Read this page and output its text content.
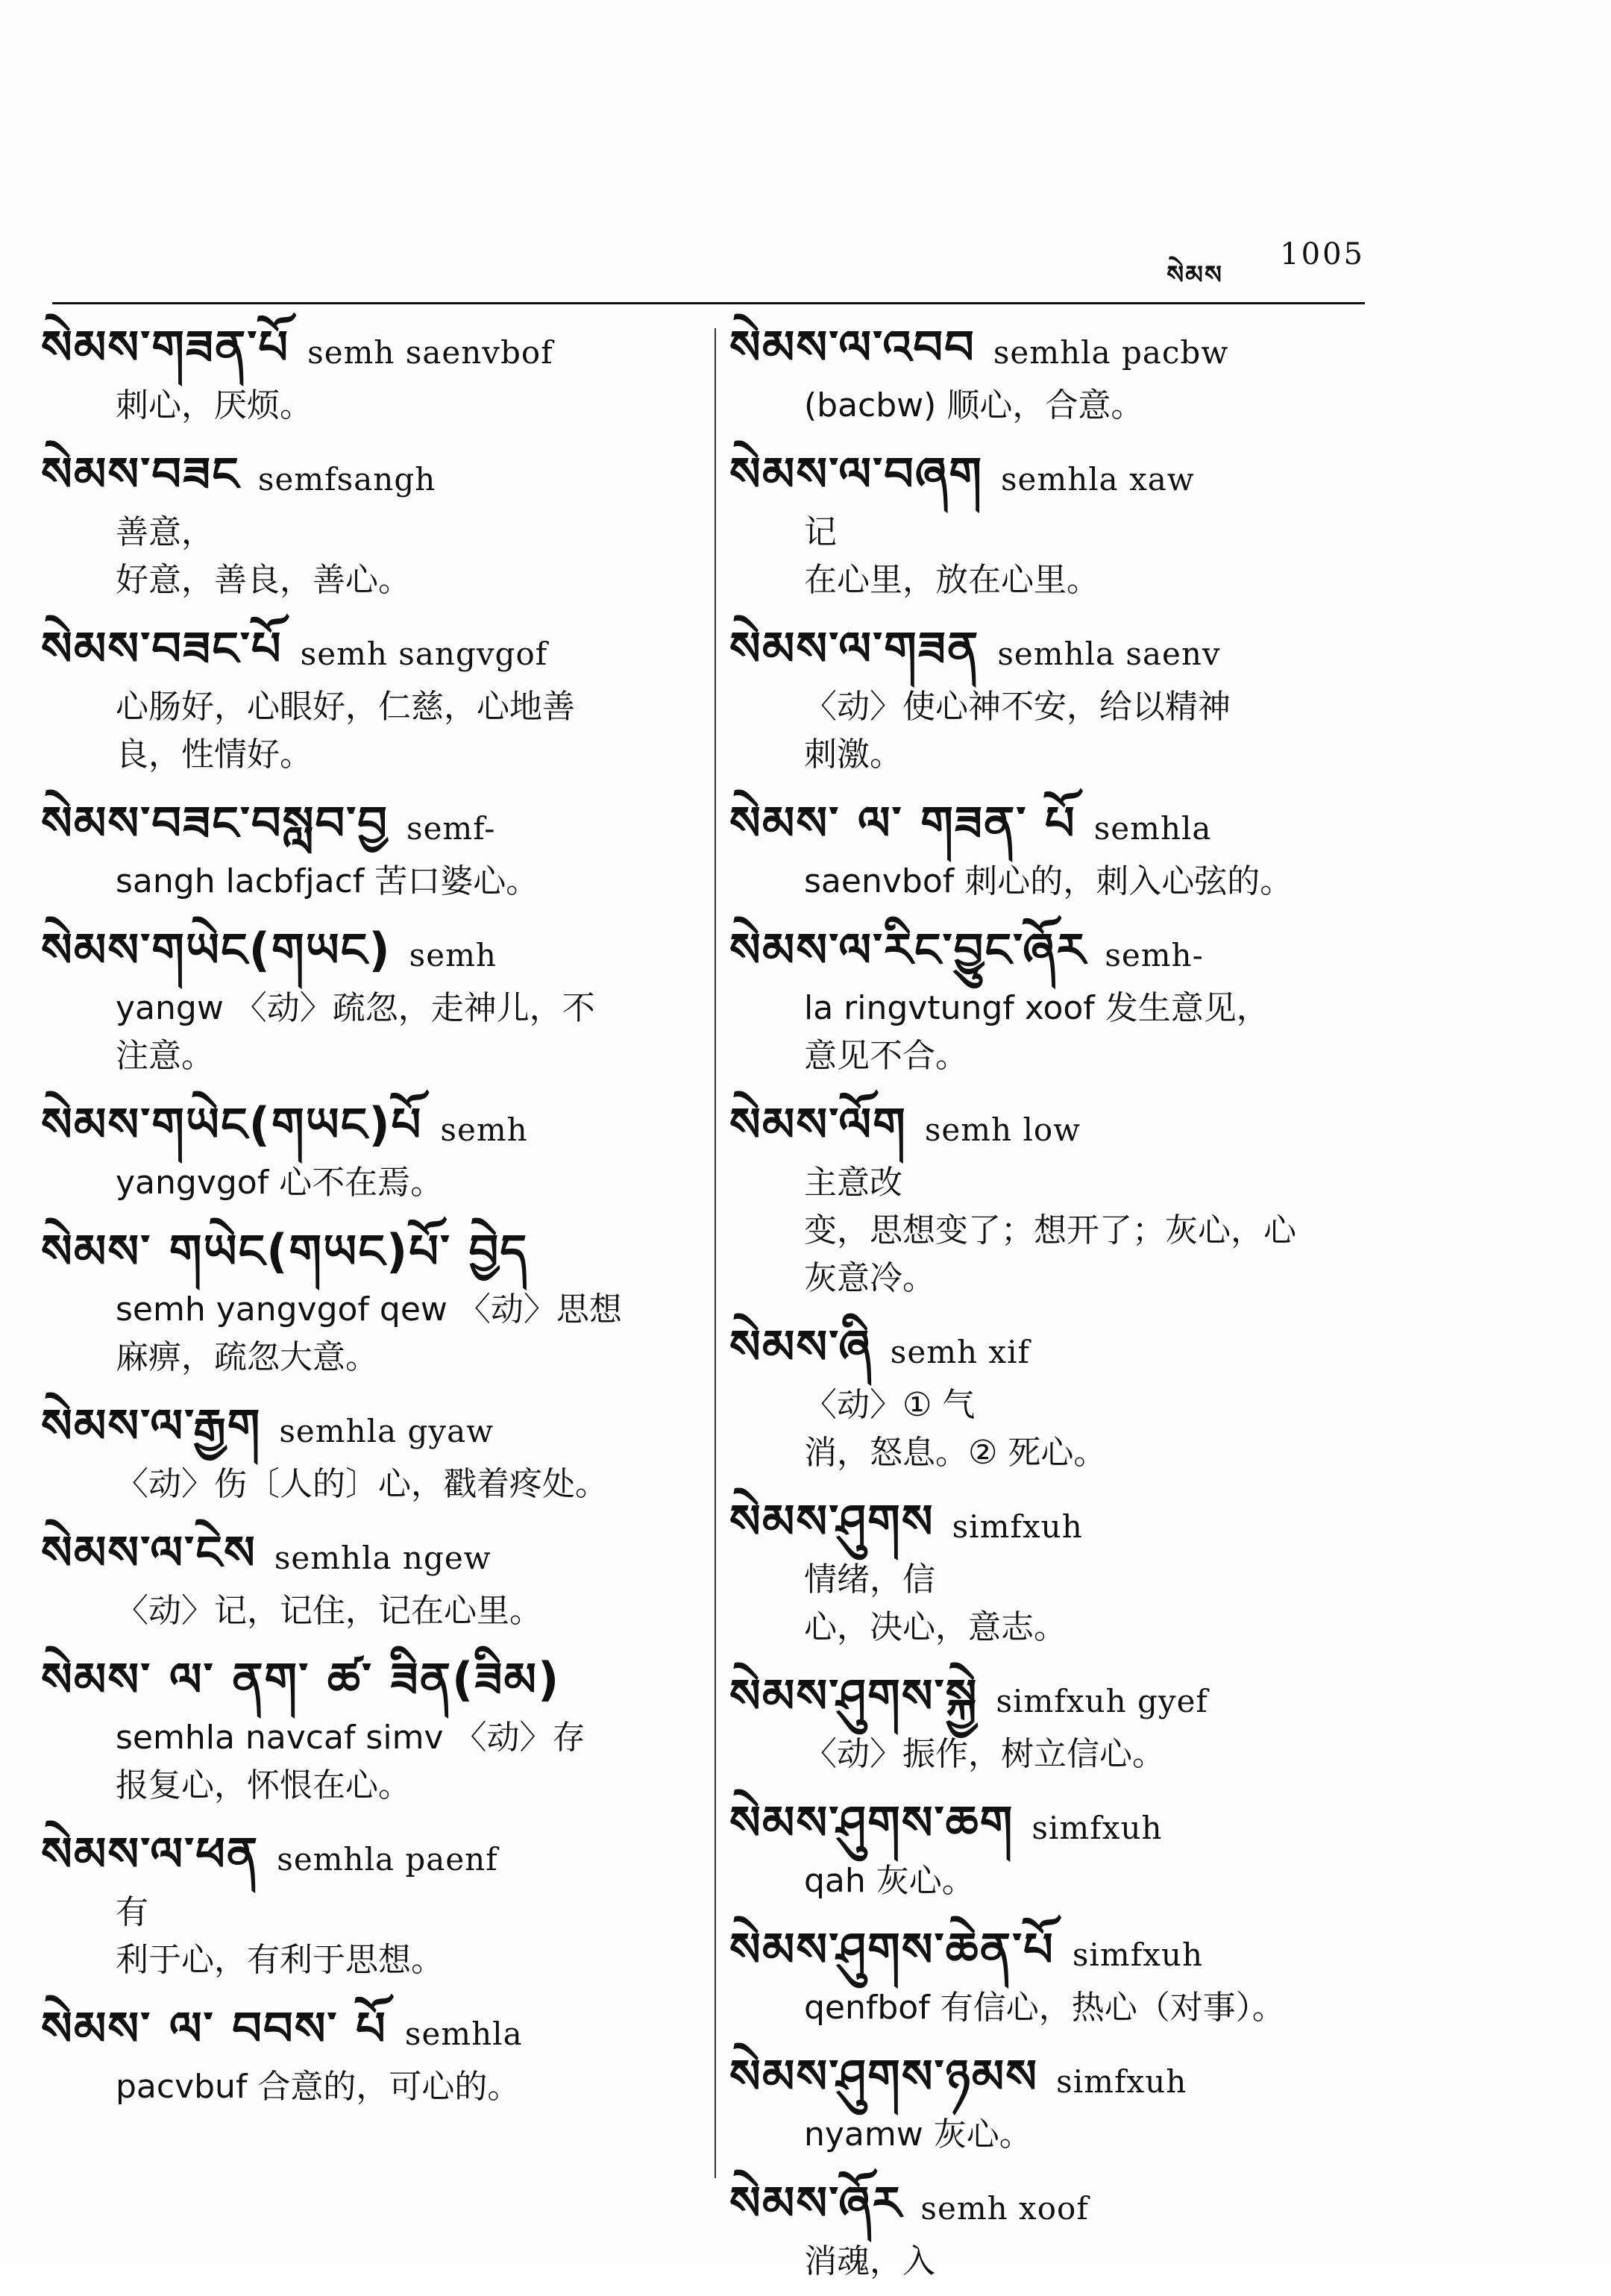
སེམས
1005
སེམས་གཟན་པོ semh saenvbof
刺心，厌烦。
སེམས་བཟང semfsangh
善意，
好意，善良，善心。
སེམས་བཟང་པོ semh sangvgof
心肠好，心眼好，仁慈，心地善
良，性情好。
སེམས་བཟང་བསླབ་བྱ semf-
sangh lacbfjacf 苦口婆心。
སེམས་གཡེང(གཡང) semh
yangw 〈动〉疏忽，走神儿，不
注意。
སེམས་གཡེང(གཡང)པོ semh
yangvgof 心不在焉。
སེམས་ གཡེང(གཡང)པོ་ བྱེད
semh yangvgof qew 〈动〉思想
麻痹，疏忽大意。
སེམས་ལ་རྒྱག semhla gyaw
〈动〉伤〔人的〕心，戳着疼处。
སེམས་ལ་ངེས semhla ngew
〈动〉记，记住，记在心里。
སེམས་ ལ་ ནག་ ཚ་ ཟིན(ཟིམ)
semhla navcaf simv 〈动〉存
报复心，怀恨在心。
སེམས་ལ་ཕན semhla paenf
有
利于心，有利于思想。
སེམས་ ལ་ བབས་ པོ semhla
pacvbuf 合意的，可心的。
སེམས་ལ་འབབ semhla pacbw
(bacbw) 顺心，合意。
སེམས་ལ་བཞག semhla xaw
记
在心里，放在心里。
སེམས་ལ་གཟན semhla saenv
〈动〉使心神不安，给以精神
刺激。
སེམས་ ལ་ གཟན་ པོ semhla
saenvbof 刺心的，刺入心弦的。
སེམས་ལ་རིང་བྱུང་ཞོར semh-
la ringvtungf xoof 发生意见，
意见不合。
སེམས་ལོག semh low
主意改
变，思想变了；想开了；灰心，心
灰意冷。
སེམས་ཞི semh xif
〈动〉① 气
消，怒息。② 死心。
སེམས་ཤུགས simfxuh
情绪，信
心，决心，意志。
སེམས་ཤུགས་སྐྱེ simfxuh gyef
〈动〉振作，树立信心。
སེམས་ཤུགས་ཆག simfxuh
qah 灰心。
སེམས་ཤུགས་ཆེན་པོ simfxuh
qenfbof 有信心，热心（对事）。
སེམས་ཤུགས་ཉམས simfxuh
nyamw 灰心。
སེམས་ཞོར semh xoof
消魂，入
